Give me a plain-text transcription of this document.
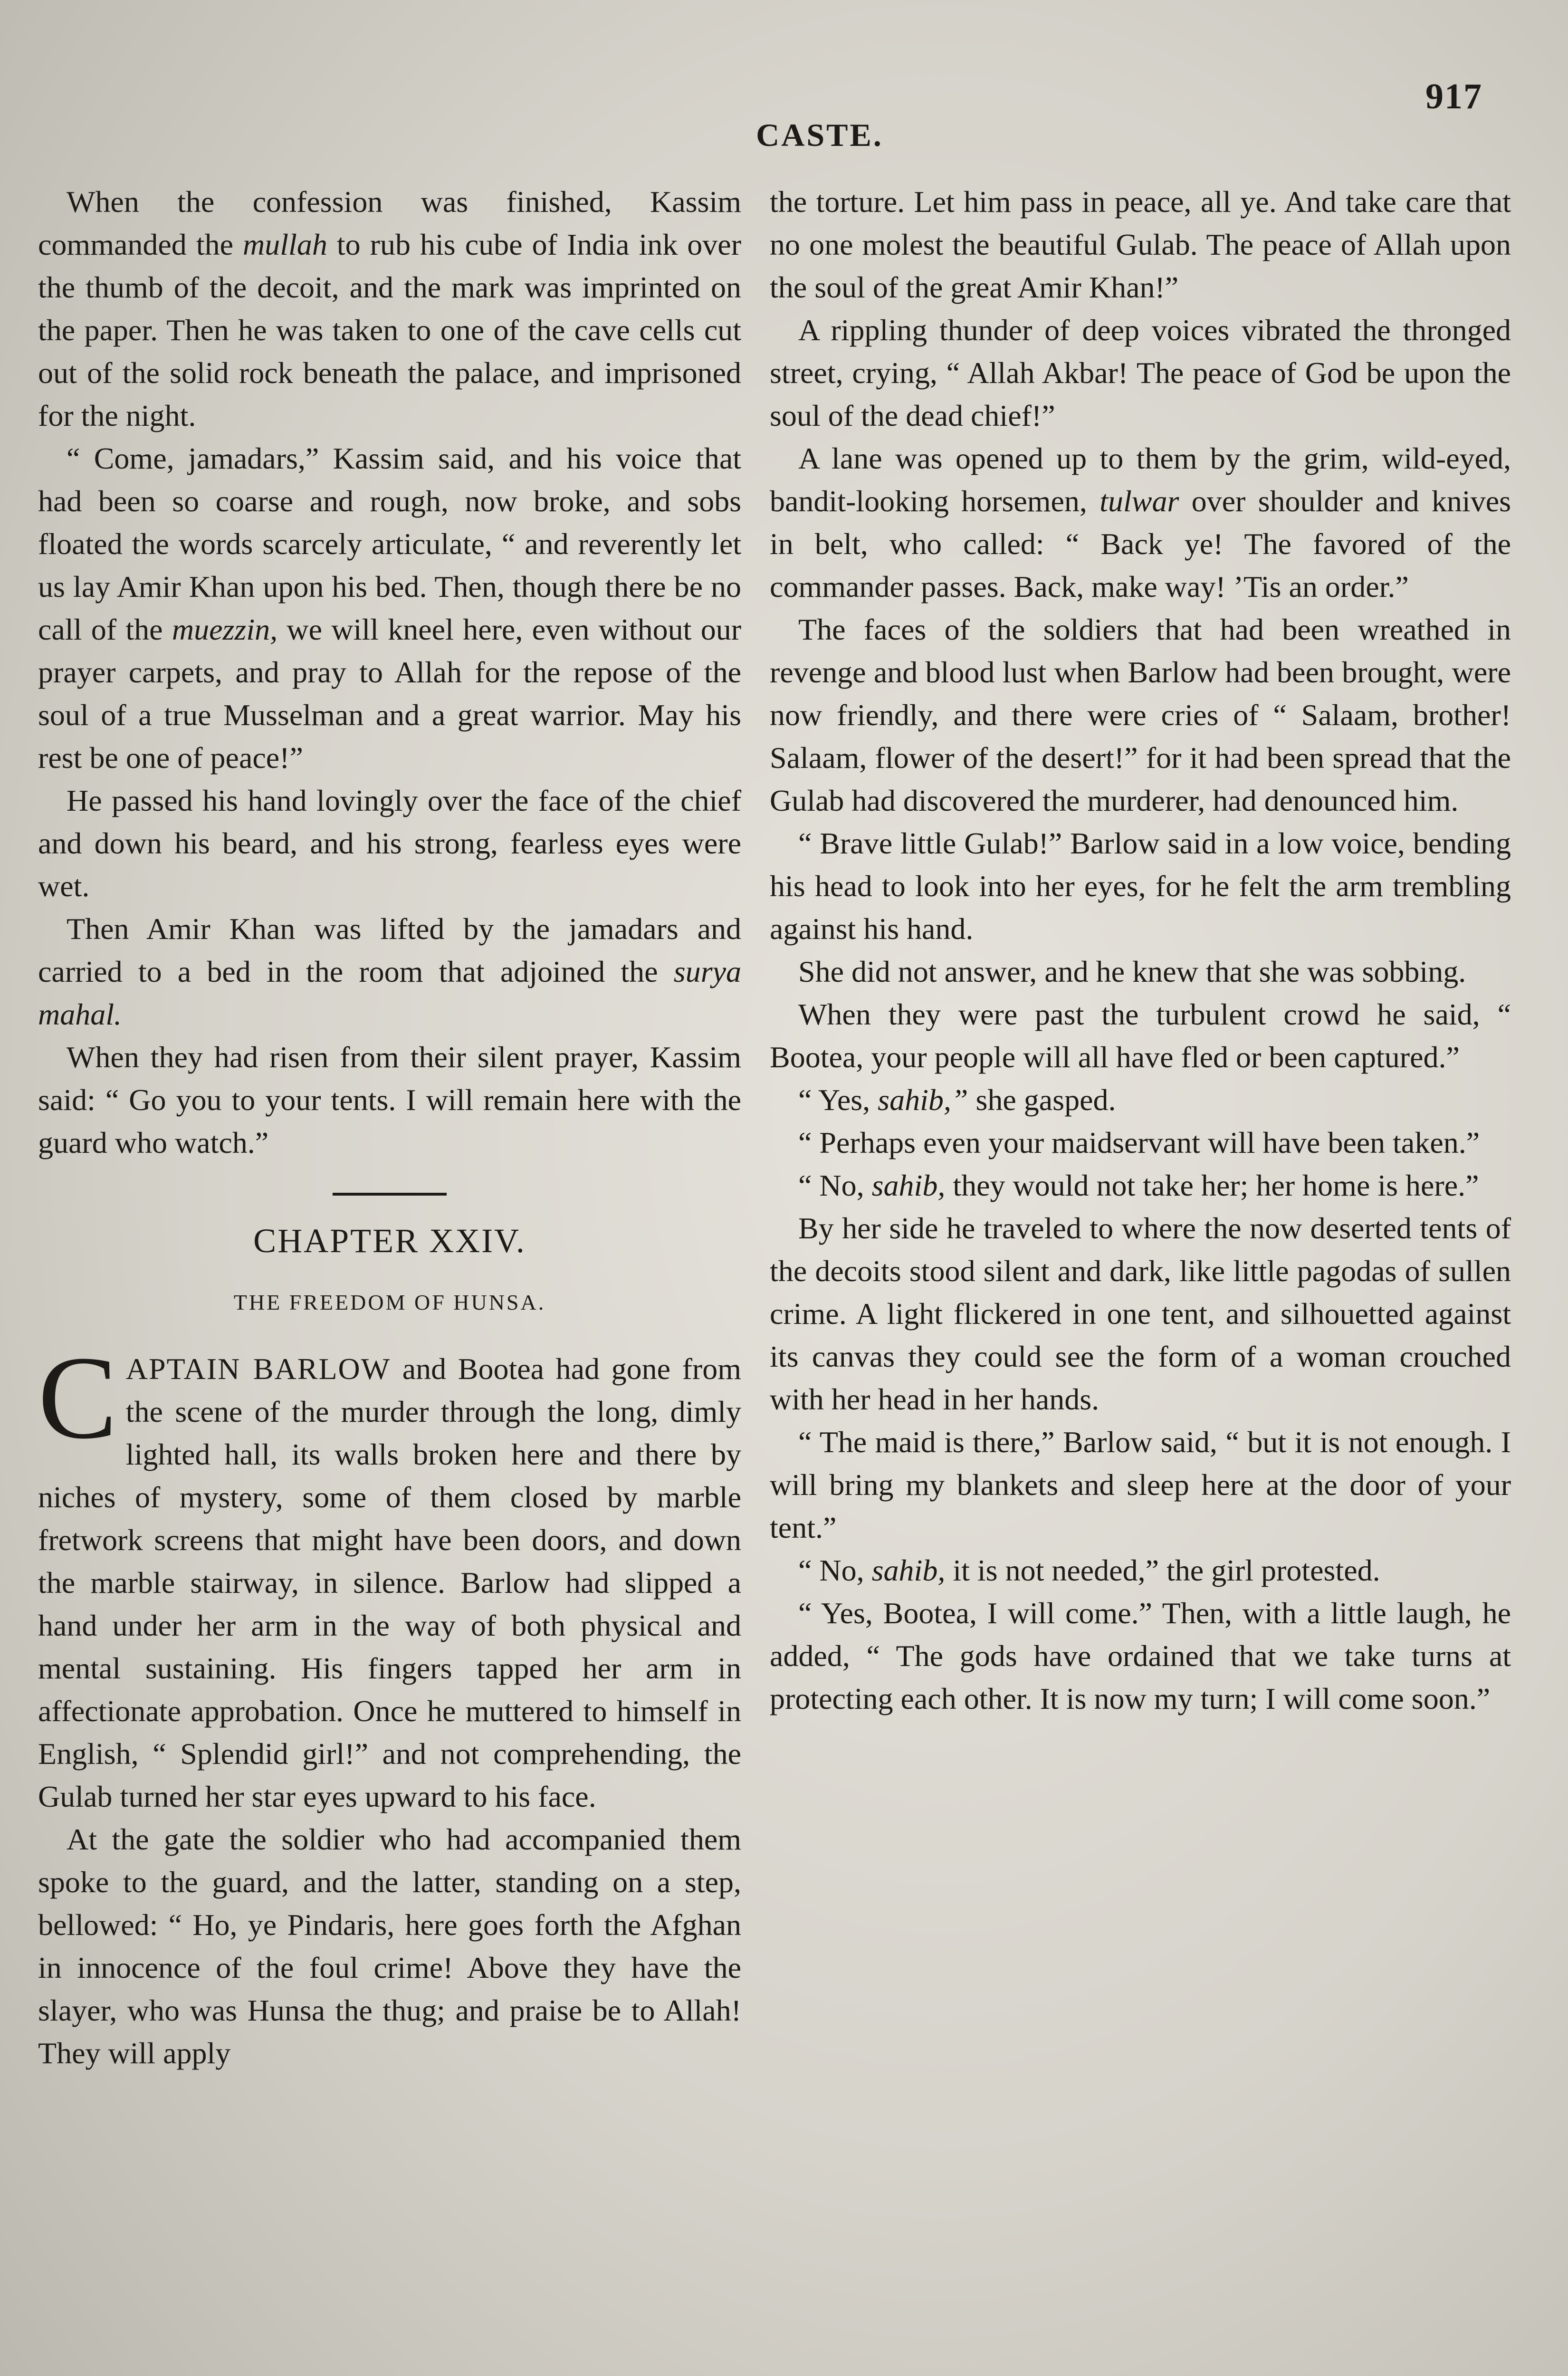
917
CASTE.

When the confession was finished, Kassim commanded the mullah to rub his cube of India ink over the thumb of the decoit, and the mark was imprinted on the paper. Then he was taken to one of the cave cells cut out of the solid rock beneath the palace, and imprisoned for the night.

“ Come, jamadars,” Kassim said, and his voice that had been so coarse and rough, now broke, and sobs floated the words scarcely articulate, “ and reverently let us lay Amir Khan upon his bed. Then, though there be no call of the muezzin, we will kneel here, even without our prayer carpets, and pray to Allah for the repose of the soul of a true Musselman and a great warrior. May his rest be one of peace!”

He passed his hand lovingly over the face of the chief and down his beard, and his strong, fearless eyes were wet.

Then Amir Khan was lifted by the jamadars and carried to a bed in the room that adjoined the surya mahal.

When they had risen from their silent prayer, Kassim said: “ Go you to your tents. I will remain here with the guard who watch.”

CHAPTER XXIV.
THE FREEDOM OF HUNSA.

CAPTAIN BARLOW and Bootea had gone from the scene of the murder through the long, dimly lighted hall, its walls broken here and there by niches of mystery, some of them closed by marble fretwork screens that might have been doors, and down the marble stairway, in silence. Barlow had slipped a hand under her arm in the way of both physical and mental sustaining. His fingers tapped her arm in affectionate approbation. Once he muttered to himself in English, “ Splendid girl!” and not comprehending, the Gulab turned her star eyes upward to his face.

At the gate the soldier who had accompanied them spoke to the guard, and the latter, standing on a step, bellowed: “ Ho, ye Pindaris, here goes forth the Afghan in innocence of the foul crime! Above they have the slayer, who was Hunsa the thug; and praise be to Allah! They will apply

the torture. Let him pass in peace, all ye. And take care that no one molest the beautiful Gulab. The peace of Allah upon the soul of the great Amir Khan!”

A rippling thunder of deep voices vibrated the thronged street, crying, “ Allah Akbar! The peace of God be upon the soul of the dead chief!”

A lane was opened up to them by the grim, wild-eyed, bandit-looking horsemen, tulwar over shoulder and knives in belt, who called: “ Back ye! The favored of the commander passes. Back, make way! ’Tis an order.”

The faces of the soldiers that had been wreathed in revenge and blood lust when Barlow had been brought, were now friendly, and there were cries of “ Salaam, brother! Salaam, flower of the desert!” for it had been spread that the Gulab had discovered the murderer, had denounced him.

“ Brave little Gulab!” Barlow said in a low voice, bending his head to look into her eyes, for he felt the arm trembling against his hand.

She did not answer, and he knew that she was sobbing.

When they were past the turbulent crowd he said, “ Bootea, your people will all have fled or been captured.”

“ Yes, sahib,” she gasped.

“ Perhaps even your maidservant will have been taken.”

“ No, sahib, they would not take her; her home is here.”

By her side he traveled to where the now deserted tents of the decoits stood silent and dark, like little pagodas of sullen crime. A light flickered in one tent, and silhouetted against its canvas they could see the form of a woman crouched with her head in her hands.

“ The maid is there,” Barlow said, “ but it is not enough. I will bring my blankets and sleep here at the door of your tent.”

“ No, sahib, it is not needed,” the girl protested.

“ Yes, Bootea, I will come.” Then, with a little laugh, he added, “ The gods have ordained that we take turns at protecting each other. It is now my turn; I will come soon.”
